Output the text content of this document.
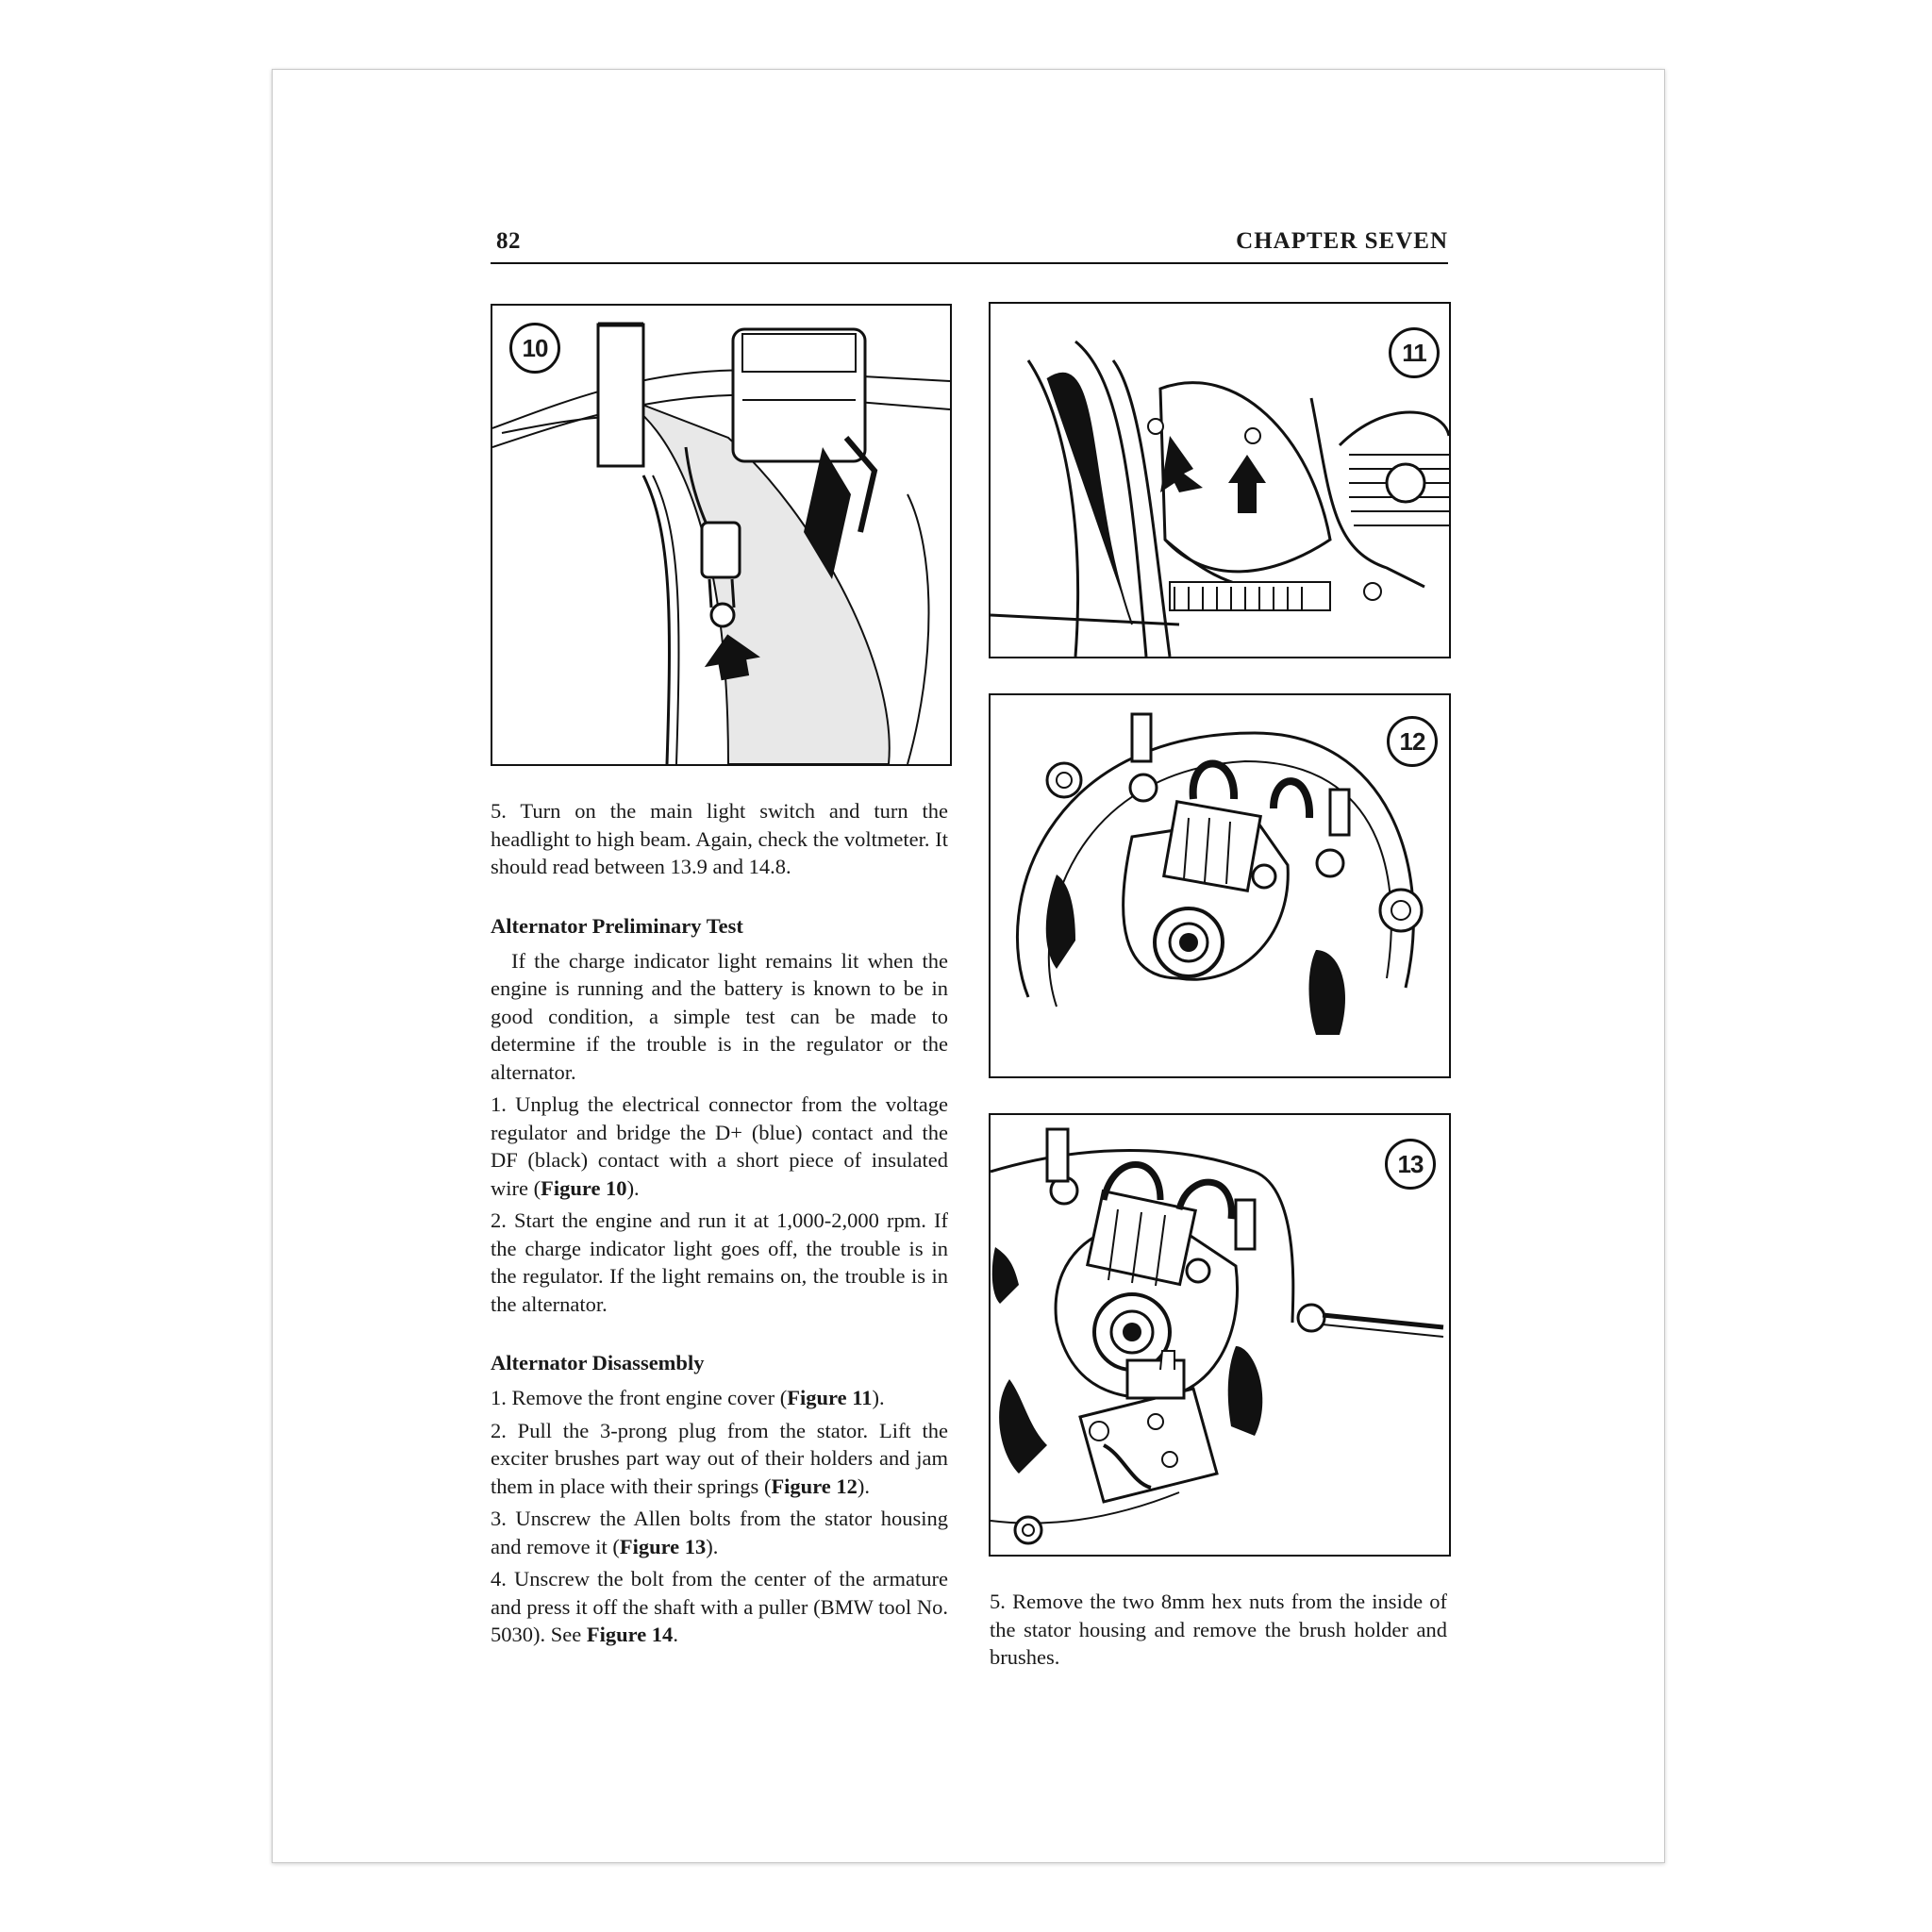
82	CHAPTER SEVEN
10	11
12
13

5. Turn on the main light switch and turn the headlight to high beam. Again, check the voltmeter. It should read between 13.9 and 14.8.

Alternator Preliminary Test

If the charge indicator light remains lit when the engine is running and the battery is known to be in good condition, a simple test can be made to determine if the trouble is in the regulator or the alternator.

1. Unplug the electrical connector from the voltage regulator and bridge the D+ (blue) contact and the DF (black) contact with a short piece of insulated wire (Figure 10).

2. Start the engine and run it at 1,000-2,000 rpm. If the charge indicator light goes off, the trouble is in the regulator. If the light remains on, the trouble is in the alternator.

Alternator Disassembly

1. Remove the front engine cover (Figure 11).

2. Pull the 3-prong plug from the stator. Lift the exciter brushes part way out of their holders and jam them in place with their springs (Figure 12).

3. Unscrew the Allen bolts from the stator housing and remove it (Figure 13).

4. Unscrew the bolt from the center of the armature and press it off the shaft with a puller (BMW tool No. 5030). See Figure 14.

5. Remove the two 8mm hex nuts from the inside of the stator housing and remove the brush holder and brushes.
